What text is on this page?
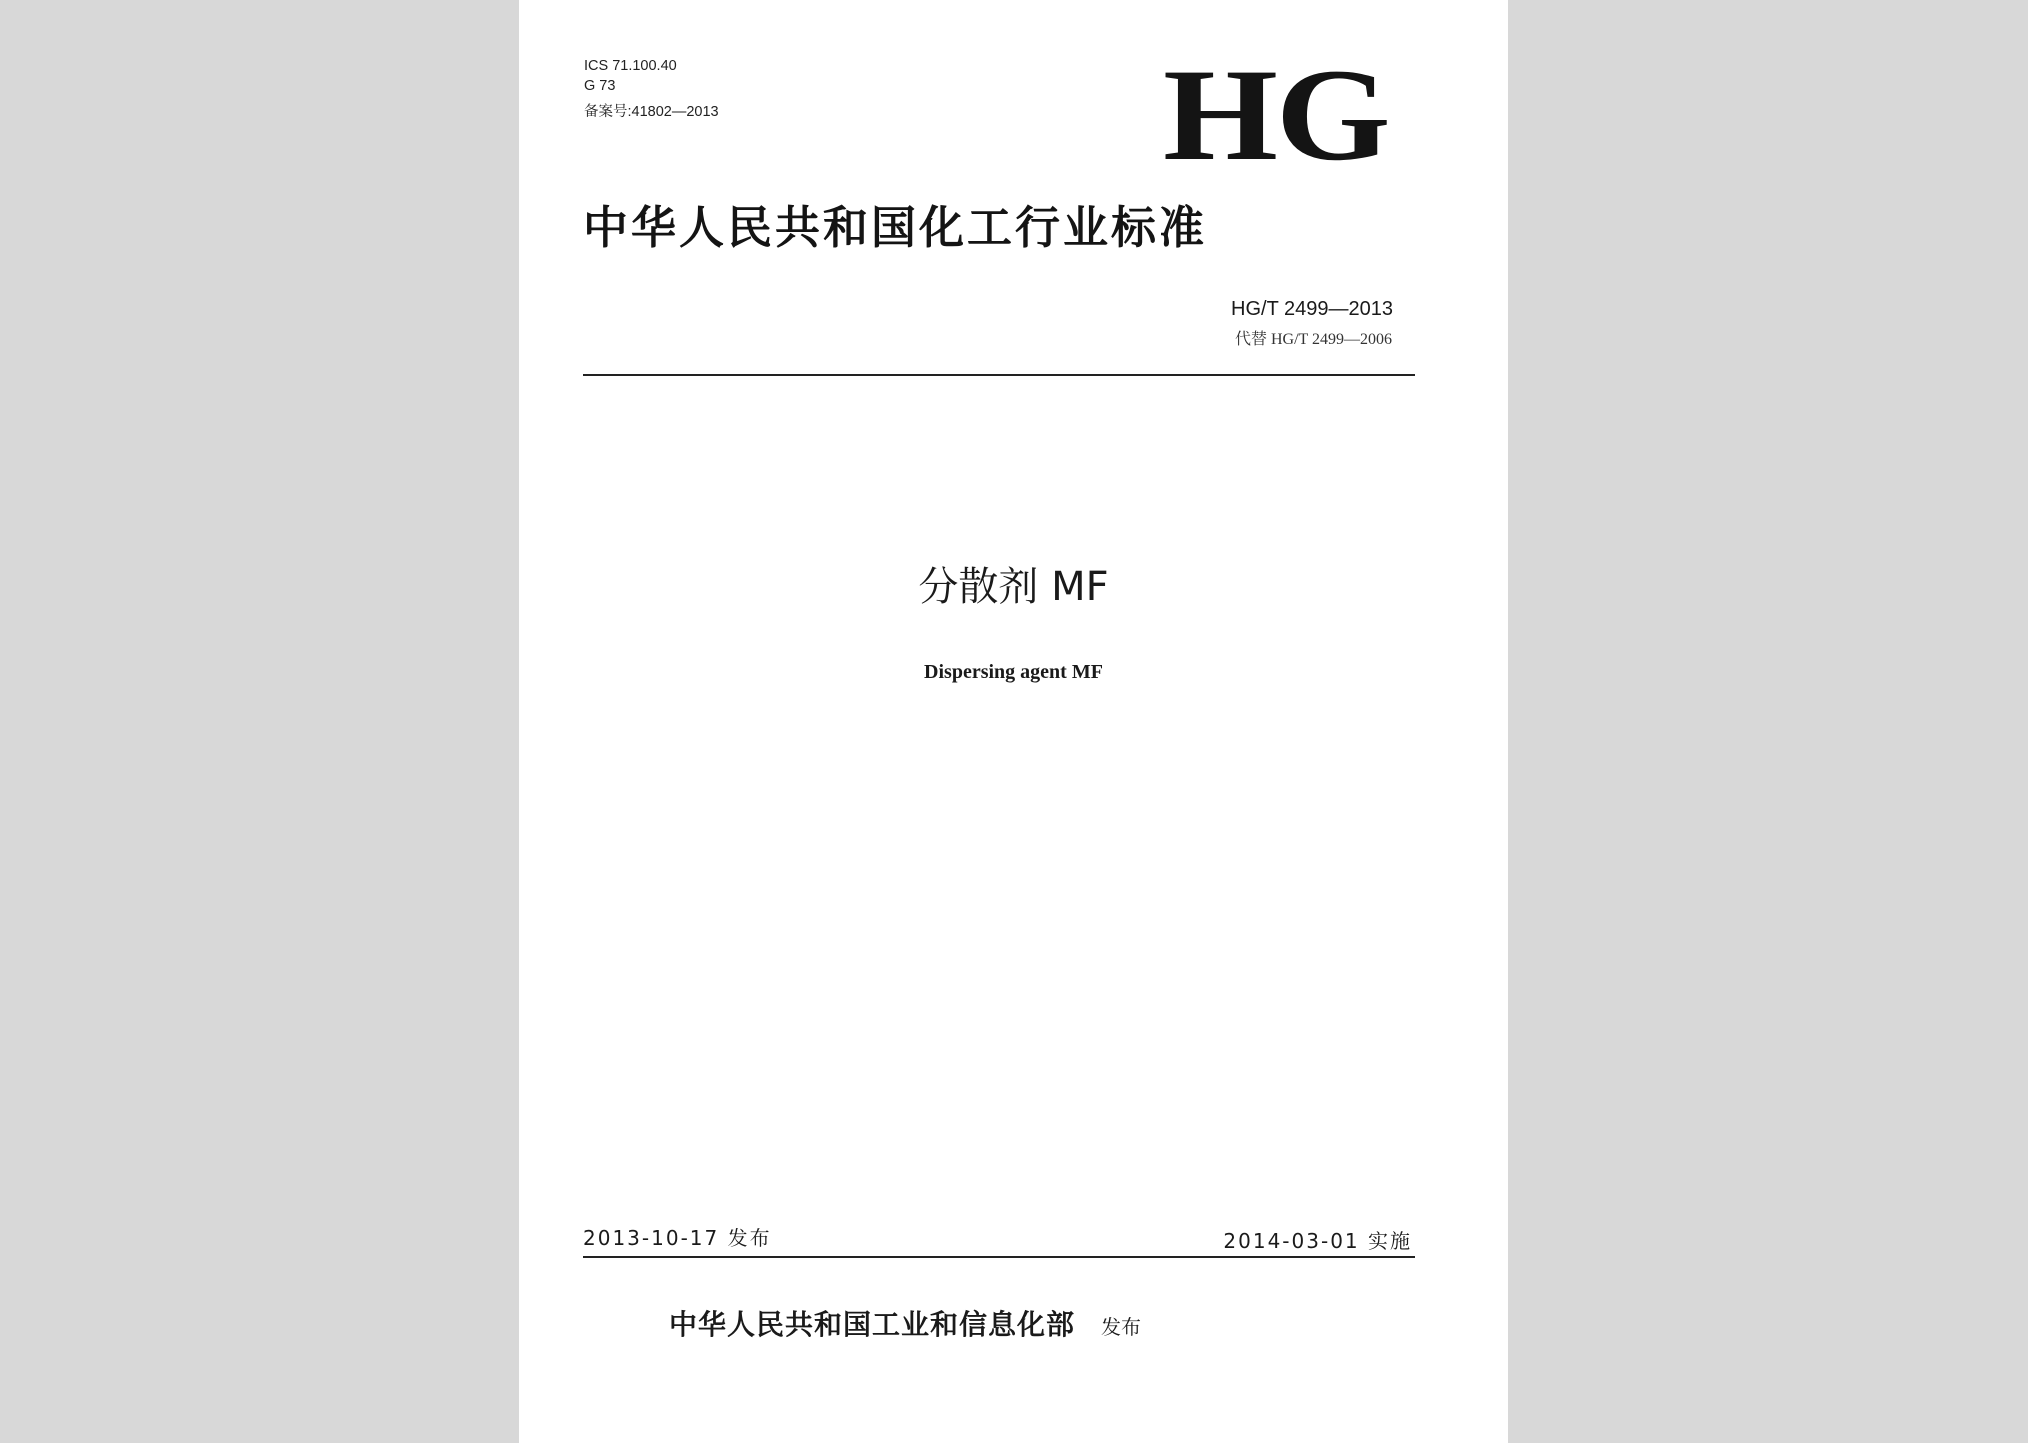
ICS 71.100.40
G 73
备案号:41802—2013	HG
中华人民共和国化工行业标准
HG/T 2499—2013
代替 HG/T 2499—2006
分散剂 MF
Dispersing agent MF
2013-10-17 发布	2014-03-01 实施
中华人民共和国工业和信息化部 发布
